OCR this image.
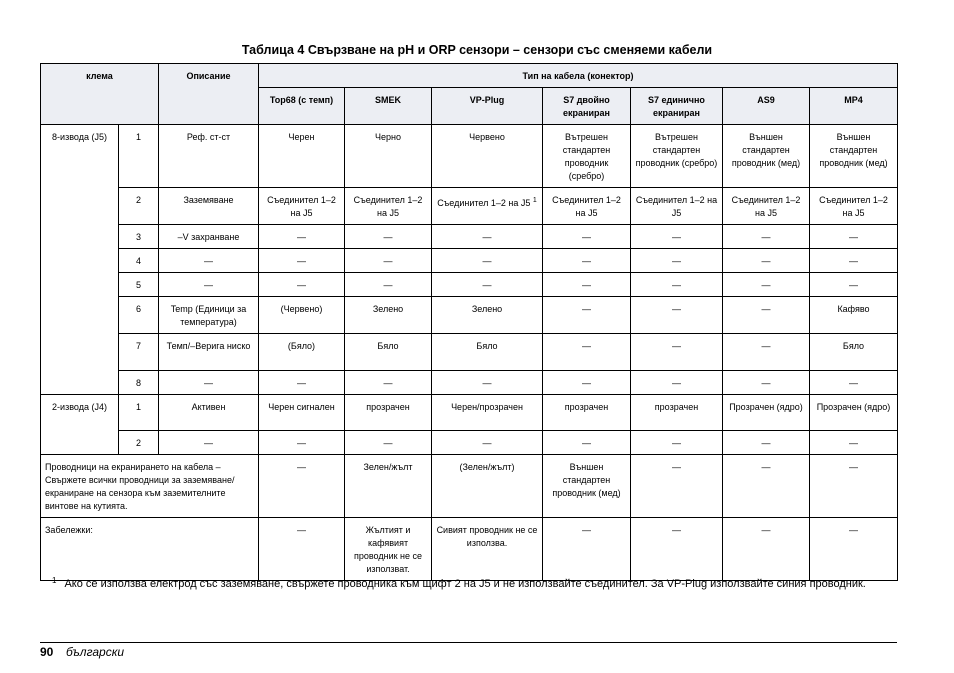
Таблица 4 Свързване на pH и ORP сензори – сензори със сменяеми кабели
клема		Описание	Тип на кабела (конектор)						
			Top68 (с темп)	SMEK	VP-Plug	S7 двойно екраниран	S7 единично екраниран	AS9	MP4
8-извода (J5)	1	Реф. ст-ст	Черен	Черно	Червено	Вътрешен стандартен проводник (сребро)	Вътрешен стандартен проводник (сребро)	Външен стандартен проводник (мед)	Външен стандартен проводник (мед)
	2	Заземяване	Съединител 1–2 на J5	Съединител 1–2 на J5	Съединител 1–2 на J5 $^1$	Съединител 1–2 на J5	Съединител 1–2 на J5	Съединител 1–2 на J5	Съединител 1–2 на J5
	3	–V захранване	—	—	—	—	—	—	—
	4	—	—	—	—	—	—	—	—
	5	—	—	—	—	—	—	—	—
	6	Temp (Единици за температура)	(Червено)	Зелено	Зелено	—	—	—	Кафяво
	7	Темп/–Верига ниско	(Бяло)	Бяло	Бяло	—	—	—	Бяло
	8	—	—	—	—	—	—	—	—
2-извода (J4)	1	Активен	Черен сигнален	прозрачен	Черен/прозрачен	прозрачен	прозрачен	Прозрачен (ядро)	Прозрачен (ядро)
	2	—	—	—	—	—	—	—	—
Проводници на екранирането на кабела – Свържете всички проводници за заземяване/екраниране на сензора към заземителните винтове на кутията.			—	Зелен/жълт	(Зелен/жълт)	Външен стандартен проводник (мед)	—	—	—
Забележки:			—	Жълтият и кафявият проводник не се използват.	Сивият проводник не се използва.	—	—	—	—
$^1$ Ако се използва електрод със заземяване, свържете проводника към щифт 2 на J5 и не използвайте съединител. За VP-Plug използвайте синия проводник.
90 български
